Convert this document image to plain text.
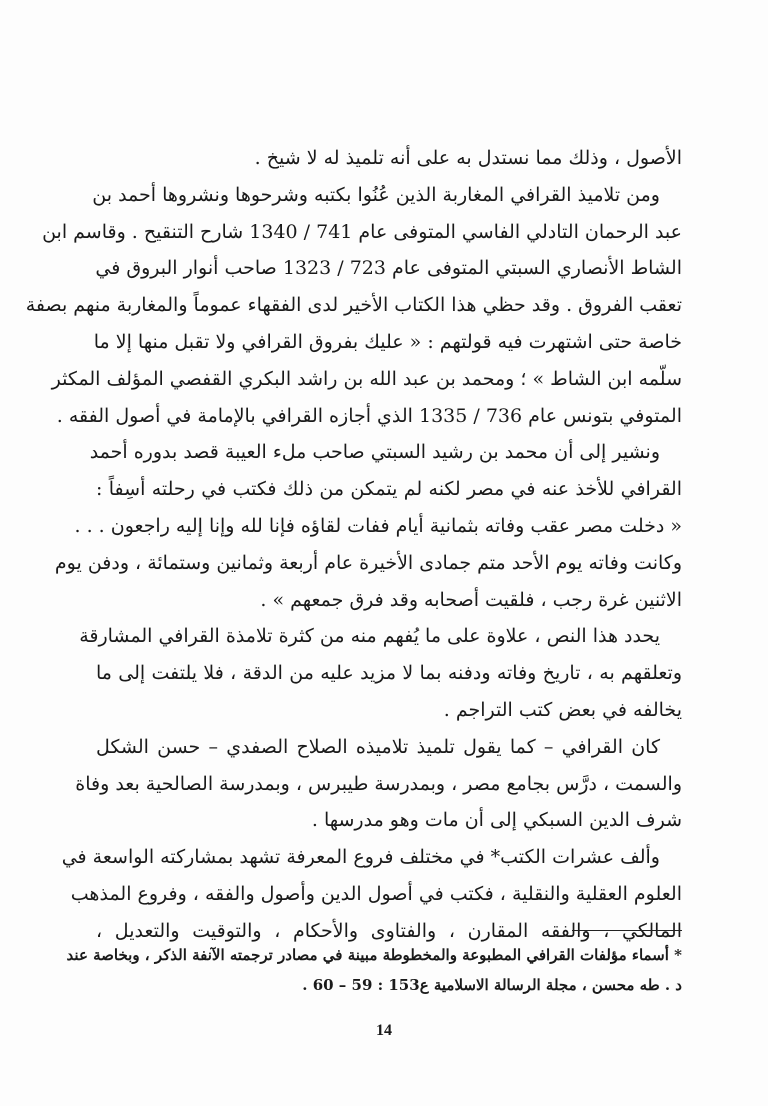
الأصول ، وذلك مما نستدل به على أنه تلميذ له لا شيخ .
ومن تلاميذ القرافي المغاربة الذين عُنُوا بكتبه وشرحوها ونشروها أحمد بن
عبد الرحمان التادلي الفاسي المتوفى عام 741 / 1340 شارح التنقيح . وقاسم ابن
الشاط الأنصاري السبتي المتوفى عام 723 / 1323 صاحب أنوار البروق في
تعقب الفروق . وقد حظي هذا الكتاب الأخير لدى الفقهاء عموماً والمغاربة منهم بصفة
خاصة حتى اشتهرت فيه قولتهم : « عليك بفروق القرافي ولا تقبل منها إلا ما
سلّمه ابن الشاط » ؛ ومحمد بن عبد الله بن راشد البكري القفصي المؤلف المكثر
المتوفي بتونس عام 736 / 1335 الذي أجازه القرافي بالإمامة في أصول الفقه .
ونشير إلى أن محمد بن رشيد السبتي صاحب ملء العيبة قصد بدوره أحمد
القرافي للأخذ عنه في مصر لكنه لم يتمكن من ذلك فكتب في رحلته أسِفاً :
« دخلت مصر عقب وفاته بثمانية أيام ففات لقاؤه فإنا لله وإنا إليه راجعون . . .
وكانت وفاته يوم الأحد متم جمادى الأخيرة عام أربعة وثمانين وستمائة ، ودفن يوم
الاثنين غرة رجب ، فلقيت أصحابه وقد فرق جمعهم » .
يحدد هذا النص ، علاوة على ما يُفهم منه من كثرة تلامذة القرافي المشارقة
وتعلقهم به ، تاريخ وفاته ودفنه بما لا مزيد عليه من الدقة ، فلا يلتفت إلى ما
يخالفه في بعض كتب التراجم .
كان القرافي – كما يقول تلميذ تلاميذه الصلاح الصفدي – حسن الشكل
والسمت ، درَّس بجامع مصر ، وبمدرسة طيبرس ، وبمدرسة الصالحية بعد وفاة
شرف الدين السبكي إلى أن مات وهو مدرسها .
وألف عشرات الكتب* في مختلف فروع المعرفة تشهد بمشاركته الواسعة في
العلوم العقلية والنقلية ، فكتب في أصول الدين وأصول والفقه ، وفروع المذهب
المالكي ، والفقه المقارن ، والفتاوى والأحكام ، والتوقيت والتعديل ،
* أسماء مؤلفات القرافي المطبوعة والمخطوطة مبينة في مصادر ترجمته الآنفة الذكر ، وبخاصة عند
د . طه محسن ، مجلة الرسالة الاسلامية ع153 : 59 – 60 .
14
